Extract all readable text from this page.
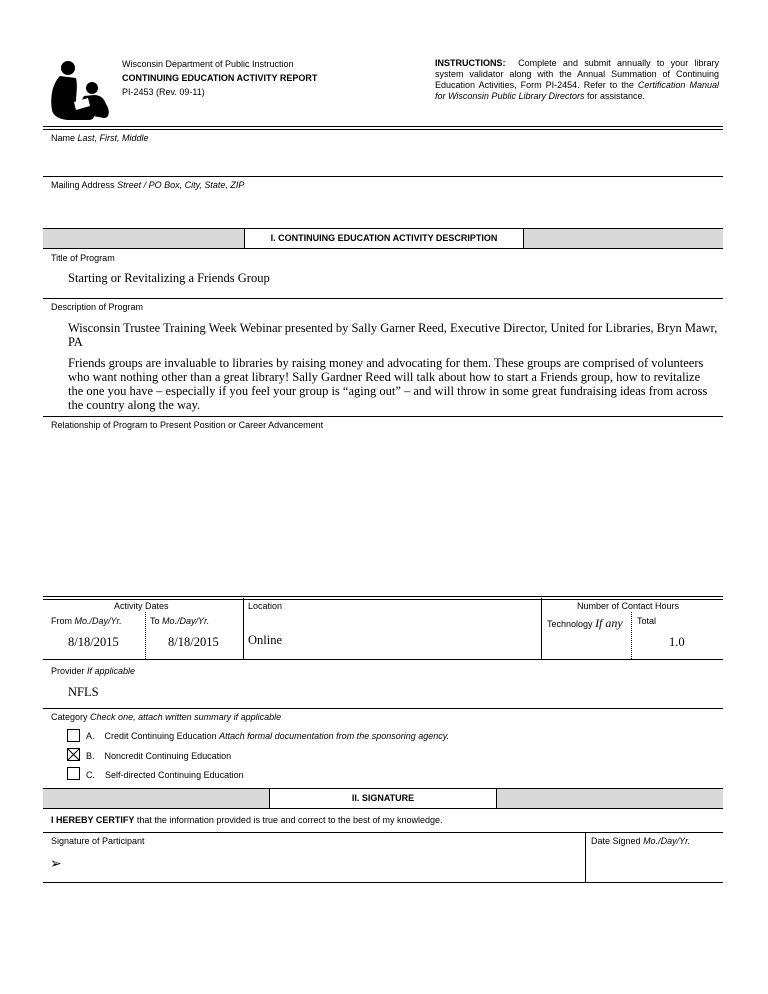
Wisconsin Department of Public Instruction
CONTINUING EDUCATION ACTIVITY REPORT
PI-2453 (Rev. 09-11)
INSTRUCTIONS: Complete and submit annually to your library system validator along with the Annual Summation of Continuing Education Activities, Form PI-2454. Refer to the Certification Manual for Wisconsin Public Library Directors for assistance.
Name Last, First, Middle
Mailing Address Street / PO Box, City, State, ZIP
I. CONTINUING EDUCATION ACTIVITY DESCRIPTION
Title of Program
Starting or Revitalizing a Friends Group
Description of Program
Wisconsin Trustee Training Week Webinar presented by Sally Garner Reed, Executive Director, United for Libraries, Bryn Mawr, PA
Friends groups are invaluable to libraries by raising money and advocating for them. These groups are comprised of volunteers who want nothing other than a great library! Sally Gardner Reed will talk about how to start a Friends group, how to revitalize the one you have – especially if you feel your group is “aging out” – and will throw in some great fundraising ideas from across the country along the way.
Relationship of Program to Present Position or Career Advancement
Activity Dates
From Mo./Day/Yr.	To Mo./Day/Yr.
8/18/2015	8/18/2015
Location
Online
Number of Contact Hours
Technology If any Total
1.0
Provider If applicable
NFLS
Category Check one, attach written summary if applicable
A. Credit Continuing Education Attach formal documentation from the sponsoring agency.
B. Noncredit Continuing Education
C. Self-directed Continuing Education
II. SIGNATURE
I HEREBY CERTIFY that the information provided is true and correct to the best of my knowledge.
Signature of Participant
➢
Date Signed Mo./Day/Yr.
